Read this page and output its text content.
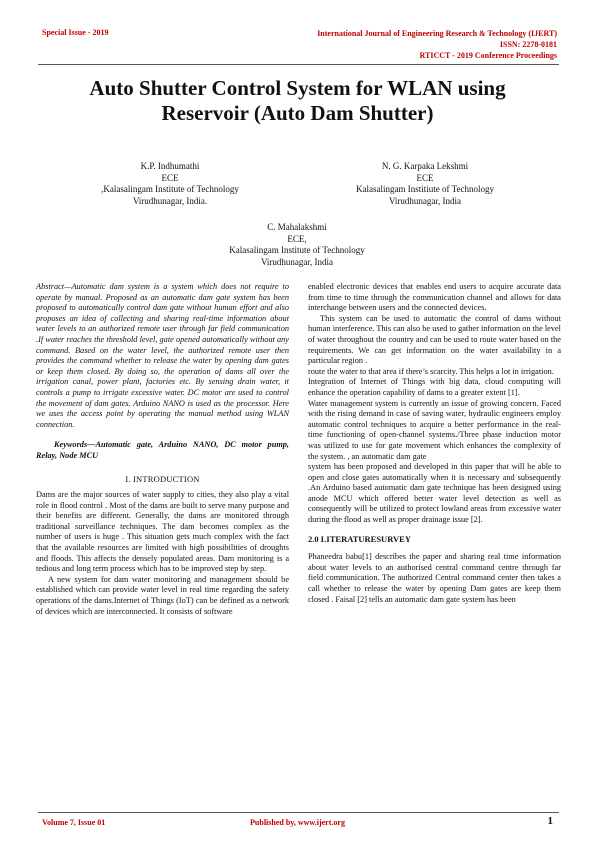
Special Issue - 2019	International Journal of Engineering Research & Technology (IJERT)
ISSN: 2278-0181
RTICCT - 2019 Conference Proceedings
Auto Shutter Control System for WLAN using
Reservoir (Auto Dam Shutter)
K.P. Indhumathi
ECE
,Kalasalingam Institute of Technology
Virudhunagar, India.
N. G. Karpaka Lekshmi
ECE
Kalasalingam Institiute of Technology
Virudhunagar, India
C. Mahalakshmi
ECE,
Kalasalingam Institute of Technology
Virudhunagar, India

Abstract—Automatic dam system is a system which does not require to operate by manual. Proposed as an automatic dam gate system has been proposed to automatically control dam gate without human effort and also proposes an idea of collecting and sharing real-time information about water levels to an authorized remote user through far field communication .If water reaches the threshold level, gate opened automatically without any command. Based on the water level, the authorized remote user then provides the command whether to release the water by opening dam gates or keep them closed. By doing so, the operation of dams all over the irrigation canal, power plant, factories etc. By sensing drain water, it controls a pump to irrigate excessive water. DC motor are used to control the movement of dam gates. Arduino NANO is used as the processor. Here we uses the access point by operating the manual method using WLAN connection.

Keywords—Automatic gate, Arduino NANO, DC motor pump, Relay, Node MCU

I. INTRODUCTION

Dams are the major sources of water supply to cities, they also play a vital role in flood control . Most of the dams are built to serve many purpose and their benefits are different. Generally, the dams are monitored through traditional surveillance techniques. The dam becomes complex as the number of users is huge . This situation gets much complex with the fact that the available resources are limited with high possibilities of droughts and floods. This affects the densely populated areas. Dam monitoring is a tedious and long term process which has to be improved step by step.

A new system for dam water monitoring and management should be established which can provide water level in real time regarding the safety operations of the dams.Internet of Things (IoT) can be defined as a network of devices which are interconnected. It consists of software

enabled electronic devices that enables end users to acquire accurate data from time to time through the communication channel and allows for data interchange between users and the connected devices.

This system can be used to automatic the control of dams without human interference. This can also be used to gather information on the level of water throughout the country and can be used to route water based on the requirements. We can get information on the water availability in a particular region .

route the water to that area if there’s scarcity. This helps a lot in irrigation.

Integration of Internet of Things with big data, cloud computing will enhance the operation capability of dams to a greater extent [1].

Water management system is currently an issue of growing concern. Faced with the rising demand in case of saving water, hydraulic engineers employ automatic control techniques to acquire a better performance in the real-time functioning of open-channel systems./Three phase induction motor was utilized to use for gate movement which enhances the complexity of the system. , an automatic dam gate

system has been proposed and developed in this paper that will be able to open and close gates automatically when it is necessary and subsequently .An Arduino based automatic dam gate technique has been designed using anode MCU which offered better water level detection as well as consequently will be utilized to protect lowland areas from excessive water during the flood as well as proper drainage issue [2].

2.0 LITERATURESURVEY

Phaneedra babu[1] describes the paper and sharing real time information about water levels to an authorised central command centre through far field communication. The authorized Central command center then takes a call whether to release the water by opening Dam gates are keep them closed . Faisal [2] tells an automatic dam gate system has been

Volume 7, Issue 01	Published by, www.ijert.org	1
